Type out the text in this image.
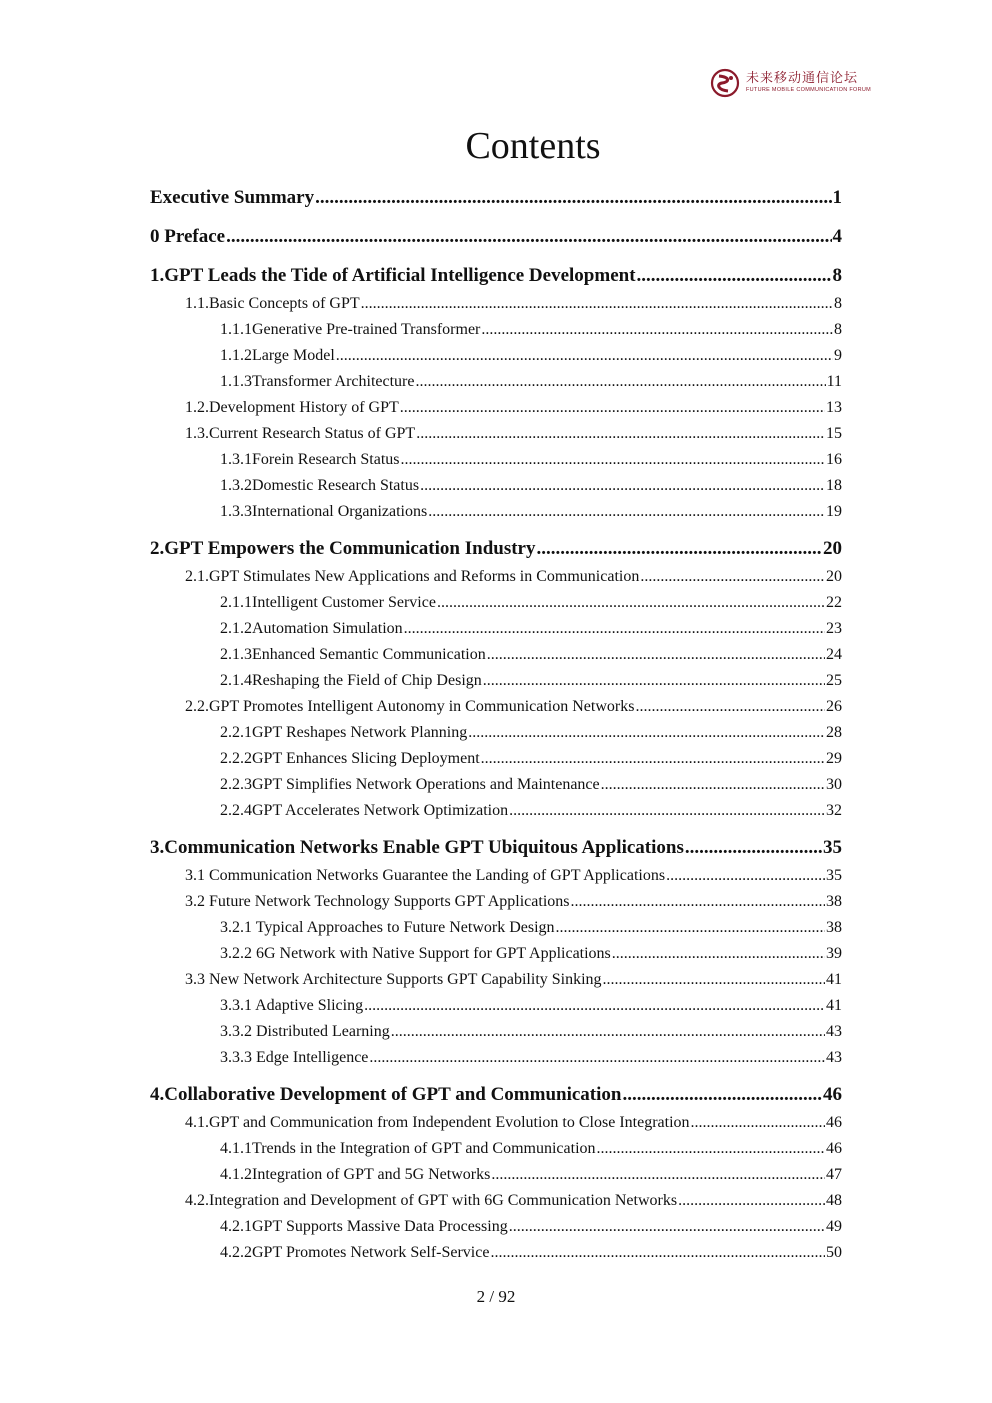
未来移动通信论坛
FUTURE MOBILE COMMUNICATION FORUM
Contents
Executive Summary .....	1
0 Preface .....	4
1.GPT Leads the Tide of Artificial Intelligence Development .....	8
1.1.Basic Concepts of GPT .....	8
1.1.1Generative Pre-trained Transformer .....	8
1.1.2Large Model .....	9
1.1.3Transformer Architecture .....	11
1.2.Development History of GPT .....	13
1.3.Current Research Status of GPT .....	15
1.3.1Forein Research Status .....	16
1.3.2Domestic Research Status .....	18
1.3.3International Organizations .....	19
2.GPT Empowers the Communication Industry .....	20
2.1.GPT Stimulates New Applications and Reforms in Communication .....	20
2.1.1Intelligent Customer Service .....	22
2.1.2Automation Simulation .....	23
2.1.3Enhanced Semantic Communication .....	24
2.1.4Reshaping the Field of Chip Design .....	25
2.2.GPT Promotes Intelligent Autonomy in Communication Networks .....	26
2.2.1GPT Reshapes Network Planning .....	28
2.2.2GPT Enhances Slicing Deployment .....	29
2.2.3GPT Simplifies Network Operations and Maintenance .....	30
2.2.4GPT Accelerates Network Optimization .....	32
3.Communication Networks Enable GPT Ubiquitous Applications .....	35
3.1 Communication Networks Guarantee the Landing of GPT Applications .....	35
3.2 Future Network Technology Supports GPT Applications .....	38
3.2.1 Typical Approaches to Future Network Design .....	38
3.2.2 6G Network with Native Support for GPT Applications .....	39
3.3 New Network Architecture Supports GPT Capability Sinking .....	41
3.3.1 Adaptive Slicing .....	41
3.3.2 Distributed Learning .....	43
3.3.3 Edge Intelligence .....	43
4.Collaborative Development of GPT and Communication .....	46
4.1.GPT and Communication from Independent Evolution to Close Integration .....	46
4.1.1Trends in the Integration of GPT and Communication .....	46
4.1.2Integration of GPT and 5G Networks .....	47
4.2.Integration and Development of GPT with 6G Communication Networks .....	48
4.2.1GPT Supports Massive Data Processing .....	49
4.2.2GPT Promotes Network Self-Service .....	50
2 / 92
